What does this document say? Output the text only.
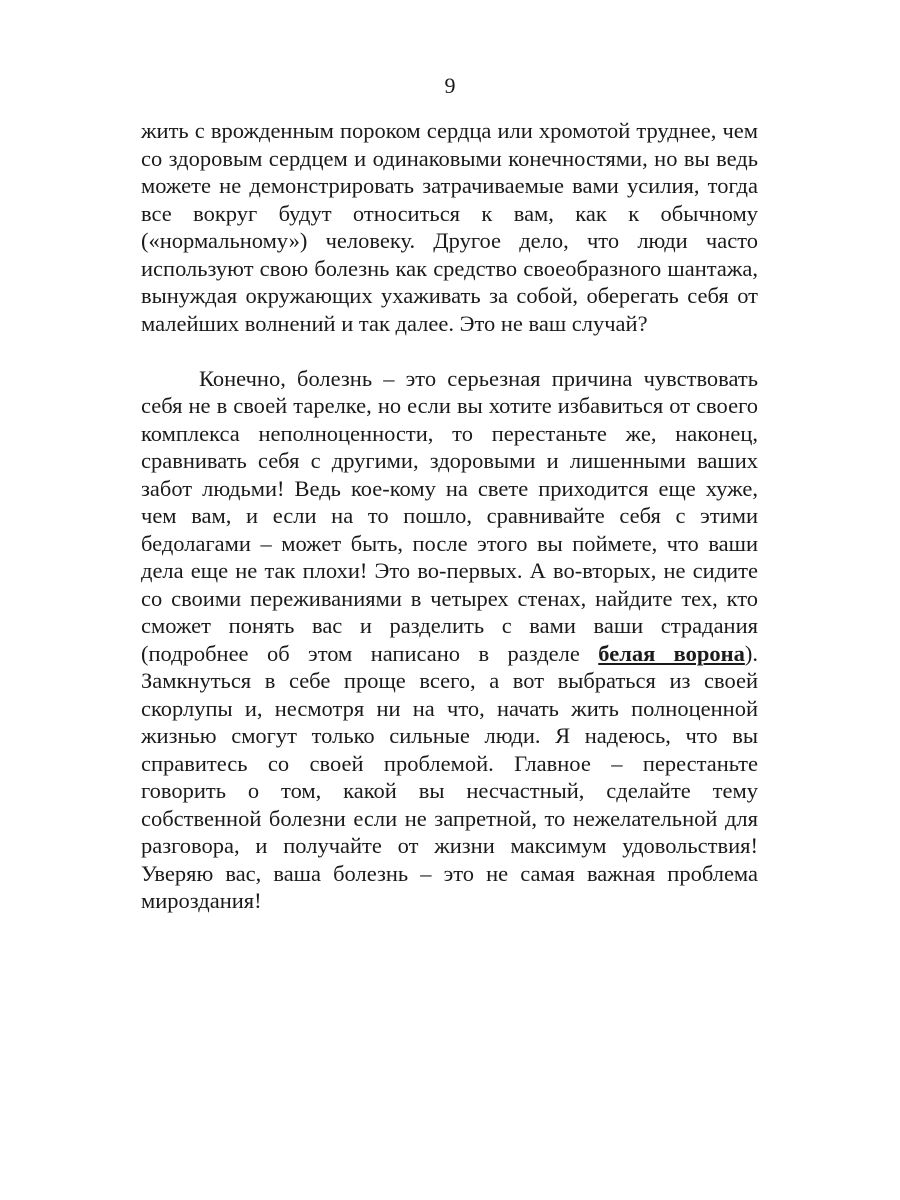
9

жить с врожденным пороком сердца или хромотой труднее, чем со здоровым сердцем и одинаковыми конечностями, но вы ведь можете не демонстрировать затрачиваемые вами усилия, тогда все вокруг будут относиться к вам, как к обычному («нормальному») человеку. Другое дело, что люди часто используют свою болезнь как средство своеобразного шантажа, вынуждая окружающих ухаживать за собой, оберегать себя от малейших волнений и так далее. Это не ваш случай?

Конечно, болезнь – это серьезная причина чувствовать себя не в своей тарелке, но если вы хотите избавиться от своего комплекса неполноценности, то перестаньте же, наконец, сравнивать себя с другими, здоровыми и лишенными ваших забот людьми! Ведь кое-кому на свете приходится еще хуже, чем вам, и если на то пошло, сравнивайте себя с этими бедолагами – может быть, после этого вы поймете, что ваши дела еще не так плохи! Это во-первых. А во-вторых, не сидите со своими переживаниями в четырех стенах, найдите тех, кто сможет понять вас и разделить с вами ваши страдания (подробнее об этом написано в разделе белая ворона). Замкнуться в себе проще всего, а вот выбраться из своей скорлупы и, несмотря ни на что, начать жить полноценной жизнью смогут только сильные люди. Я надеюсь, что вы справитесь со своей проблемой. Главное – перестаньте говорить о том, какой вы несчастный, сделайте тему собственной болезни если не запретной, то нежелательной для разговора, и получайте от жизни максимум удовольствия! Уверяю вас, ваша болезнь – это не самая важная проблема мироздания!
